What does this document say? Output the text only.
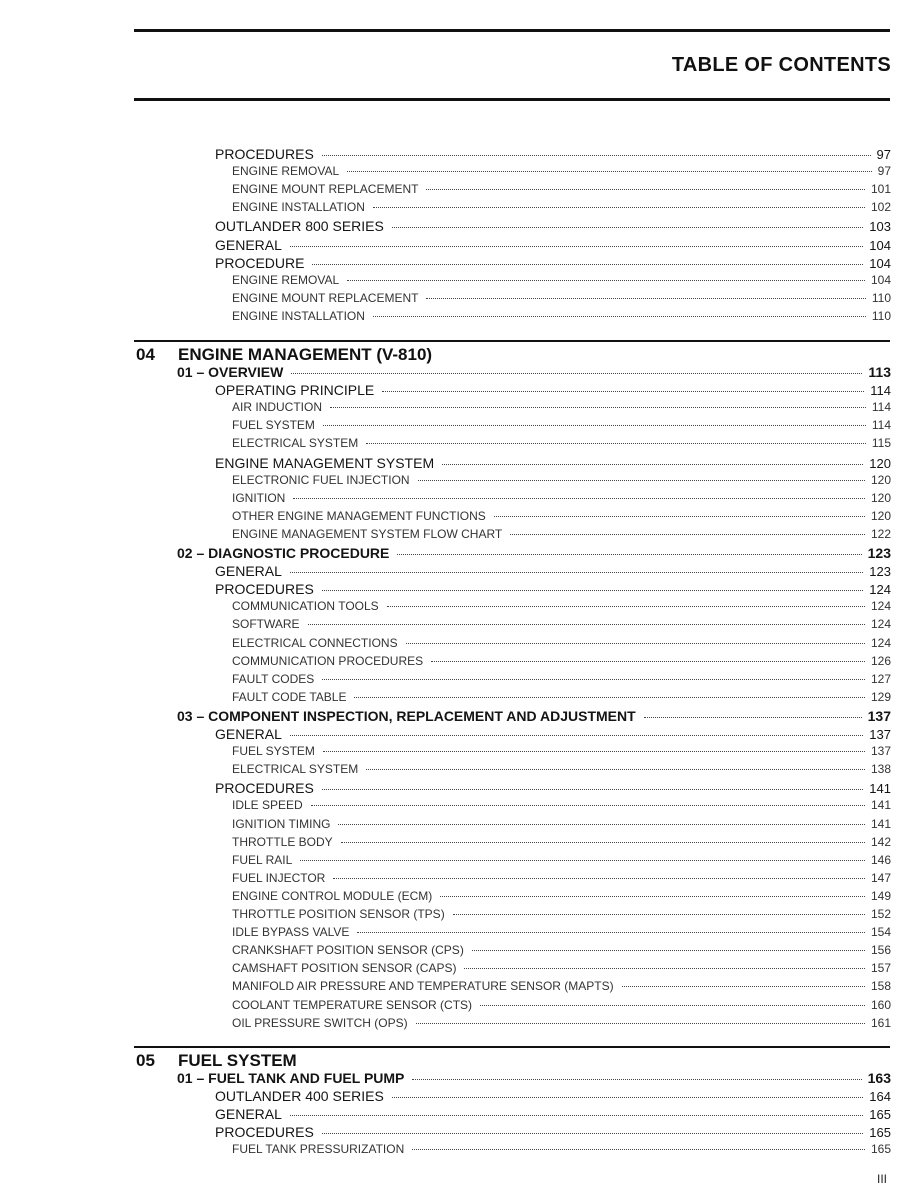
TABLE OF CONTENTS
PROCEDURES	97
ENGINE REMOVAL	97
ENGINE MOUNT REPLACEMENT	101
ENGINE INSTALLATION	102
OUTLANDER 800 SERIES	103
GENERAL	104
PROCEDURE	104
ENGINE REMOVAL	104
ENGINE MOUNT REPLACEMENT	110
ENGINE INSTALLATION	110
04 ENGINE MANAGEMENT (V-810)
01 – OVERVIEW	113
OPERATING PRINCIPLE	114
AIR INDUCTION	114
FUEL SYSTEM	114
ELECTRICAL SYSTEM	115
ENGINE MANAGEMENT SYSTEM	120
ELECTRONIC FUEL INJECTION	120
IGNITION	120
OTHER ENGINE MANAGEMENT FUNCTIONS	120
ENGINE MANAGEMENT SYSTEM FLOW CHART	122
02 – DIAGNOSTIC PROCEDURE	123
GENERAL	123
PROCEDURES	124
COMMUNICATION TOOLS	124
SOFTWARE	124
ELECTRICAL CONNECTIONS	124
COMMUNICATION PROCEDURES	126
FAULT CODES	127
FAULT CODE TABLE	129
03 – COMPONENT INSPECTION, REPLACEMENT AND ADJUSTMENT	137
GENERAL	137
FUEL SYSTEM	137
ELECTRICAL SYSTEM	138
PROCEDURES	141
IDLE SPEED	141
IGNITION TIMING	141
THROTTLE BODY	142
FUEL RAIL	146
FUEL INJECTOR	147
ENGINE CONTROL MODULE (ECM)	149
THROTTLE POSITION SENSOR (TPS)	152
IDLE BYPASS VALVE	154
CRANKSHAFT POSITION SENSOR (CPS)	156
CAMSHAFT POSITION SENSOR (CAPS)	157
MANIFOLD AIR PRESSURE AND TEMPERATURE SENSOR (MAPTS)	158
COOLANT TEMPERATURE SENSOR (CTS)	160
OIL PRESSURE SWITCH (OPS)	161
05 FUEL SYSTEM
01 – FUEL TANK AND FUEL PUMP	163
OUTLANDER 400 SERIES	164
GENERAL	165
PROCEDURES	165
FUEL TANK PRESSURIZATION	165
III
